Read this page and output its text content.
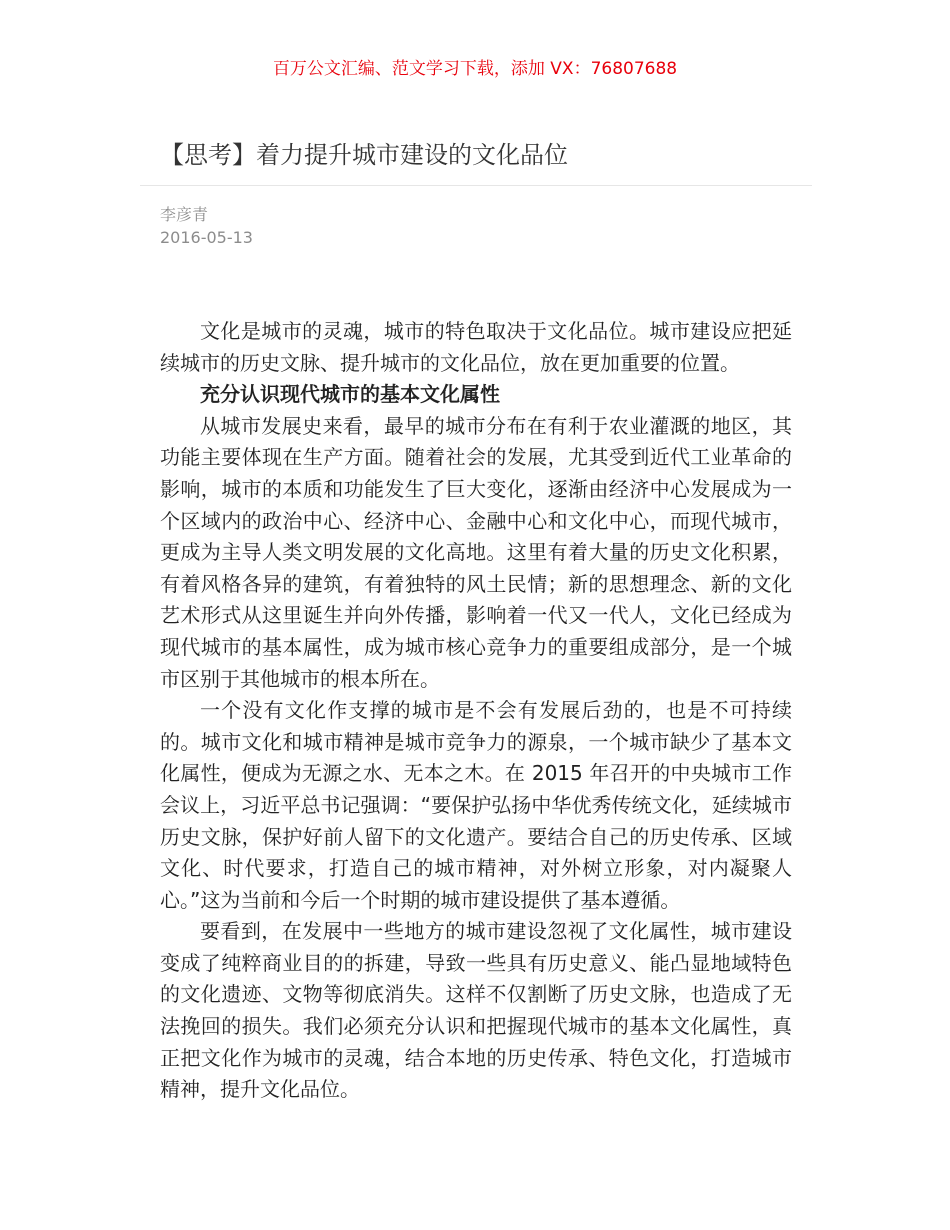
百万公文汇编、范文学习下载，添加 VX：76807688
【思考】着力提升城市建设的文化品位
李彦青
2016-05-13

文化是城市的灵魂，城市的特色取决于文化品位。城市建设应把延续城市的历史文脉、提升城市的文化品位，放在更加重要的位置。

充分认识现代城市的基本文化属性

从城市发展史来看，最早的城市分布在有利于农业灌溉的地区，其功能主要体现在生产方面。随着社会的发展，尤其受到近代工业革命的影响，城市的本质和功能发生了巨大变化，逐渐由经济中心发展成为一个区域内的政治中心、经济中心、金融中心和文化中心，而现代城市，更成为主导人类文明发展的文化高地。这里有着大量的历史文化积累，有着风格各异的建筑，有着独特的风土民情；新的思想理念、新的文化艺术形式从这里诞生并向外传播，影响着一代又一代人，文化已经成为现代城市的基本属性，成为城市核心竞争力的重要组成部分，是一个城市区别于其他城市的根本所在。

一个没有文化作支撑的城市是不会有发展后劲的，也是不可持续的。城市文化和城市精神是城市竞争力的源泉，一个城市缺少了基本文化属性，便成为无源之水、无本之木。在 2015 年召开的中央城市工作会议上，习近平总书记强调：“要保护弘扬中华优秀传统文化，延续城市历史文脉，保护好前人留下的文化遗产。要结合自己的历史传承、区域文化、时代要求，打造自己的城市精神，对外树立形象，对内凝聚人心。”这为当前和今后一个时期的城市建设提供了基本遵循。

要看到，在发展中一些地方的城市建设忽视了文化属性，城市建设变成了纯粹商业目的的拆建，导致一些具有历史意义、能凸显地域特色的文化遗迹、文物等彻底消失。这样不仅割断了历史文脉，也造成了无法挽回的损失。我们必须充分认识和把握现代城市的基本文化属性，真正把文化作为城市的灵魂，结合本地的历史传承、特色文化，打造城市精神，提升文化品位。
